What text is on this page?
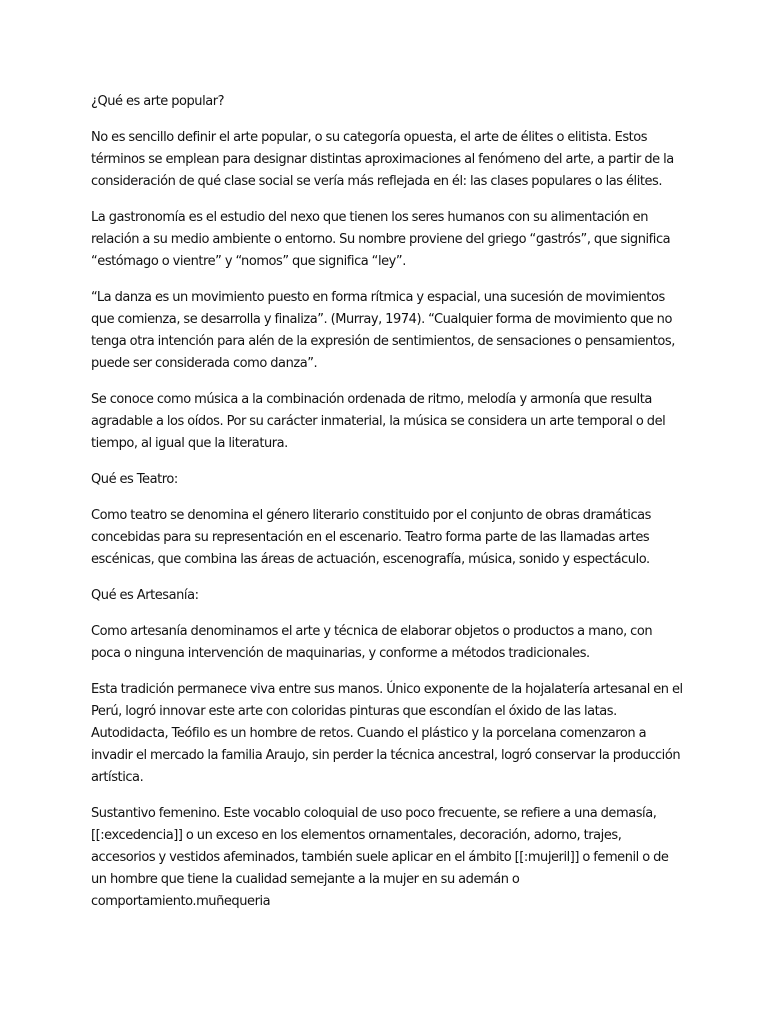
¿Qué es arte popular?

No es sencillo definir el arte popular, o su categoría opuesta, el arte de élites o elitista. Estos términos se emplean para designar distintas aproximaciones al fenómeno del arte, a partir de la consideración de qué clase social se vería más reflejada en él: las clases populares o las élites.

La gastronomía es el estudio del nexo que tienen los seres humanos con su alimentación en relación a su medio ambiente o entorno. Su nombre proviene del griego “gastrós”, que significa “estómago o vientre” y “nomos” que significa “ley”.

“La danza es un movimiento puesto en forma rítmica y espacial, una sucesión de movimientos que comienza, se desarrolla y finaliza”. (Murray, 1974). “Cualquier forma de movimiento que no tenga otra intención para alén de la expresión de sentimientos, de sensaciones o pensamientos, puede ser considerada como danza”.

Se conoce como música a la combinación ordenada de ritmo, melodía y armonía que resulta agradable a los oídos. Por su carácter inmaterial, la música se considera un arte temporal o del tiempo, al igual que la literatura.

Qué es Teatro:

Como teatro se denomina el género literario constituido por el conjunto de obras dramáticas concebidas para su representación en el escenario. Teatro forma parte de las llamadas artes escénicas, que combina las áreas de actuación, escenografía, música, sonido y espectáculo.

Qué es Artesanía:

Como artesanía denominamos el arte y técnica de elaborar objetos o productos a mano, con poca o ninguna intervención de maquinarias, y conforme a métodos tradicionales.

Esta tradición permanece viva entre sus manos. Único exponente de la hojalatería artesanal en el Perú, logró innovar este arte con coloridas pinturas que escondían el óxido de las latas. Autodidacta, Teófilo es un hombre de retos. Cuando el plástico y la porcelana comenzaron a invadir el mercado la familia Araujo, sin perder la técnica ancestral, logró conservar la producción artística.

Sustantivo femenino. Este vocablo coloquial de uso poco frecuente, se refiere a una demasía, [[:excedencia]] o un exceso en los elementos ornamentales, decoración, adorno, trajes, accesorios y vestidos afeminados, también suele aplicar en el ámbito [[:mujeril]] o femenil o de un hombre que tiene la cualidad semejante a la mujer en su ademán o comportamiento.muñequeria
